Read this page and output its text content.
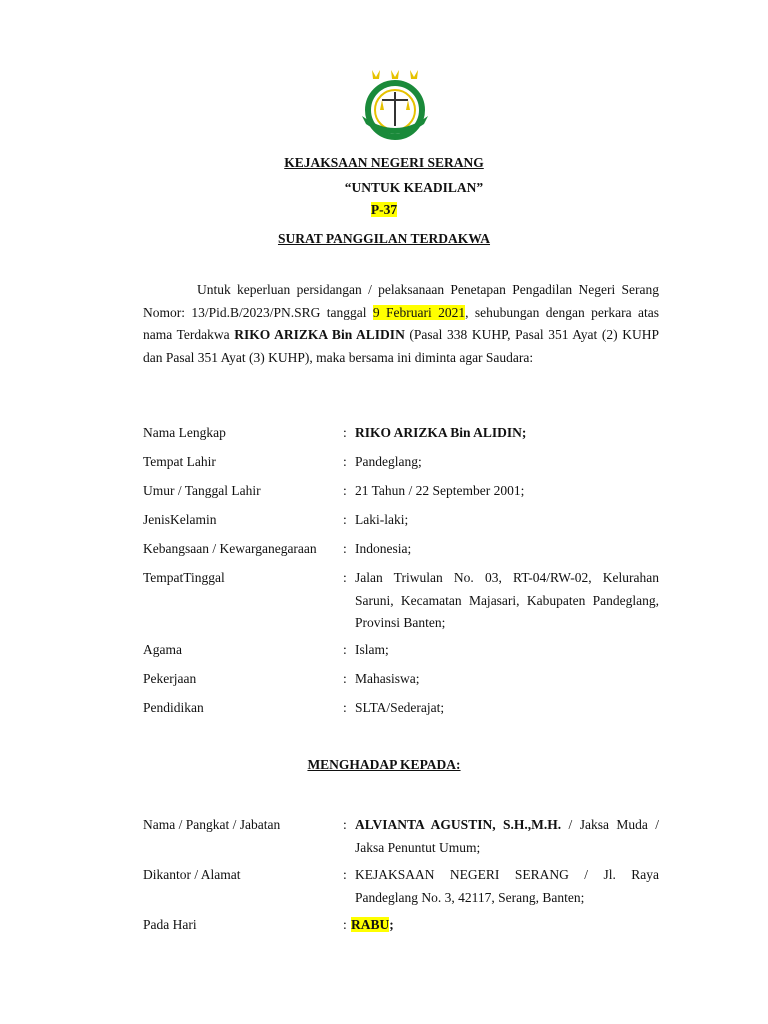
KEJAKSAAN NEGERI SERANG
“UNTUK KEADILAN”
P-37
SURAT PANGGILAN TERDAKWA
Untuk keperluan persidangan / pelaksanaan Penetapan Pengadilan Negeri Serang Nomor: 13/Pid.B/2023/PN.SRG tanggal 9 Februari 2021, sehubungan dengan perkara atas nama Terdakwa RIKO ARIZKA Bin ALIDIN (Pasal 338 KUHP, Pasal 351 Ayat (2) KUHP dan Pasal 351 Ayat (3) KUHP), maka bersama ini diminta agar Saudara:
Nama Lengkap	: RIKO ARIZKA Bin ALIDIN;
Tempat Lahir	: Pandeglang;
Umur / Tanggal Lahir	: 21 Tahun / 22 September 2001;
JenisKelamin	: Laki-laki;
Kebangsaan / Kewarganegaraan	: Indonesia;
TempatTinggal	: Jalan Triwulan No. 03, RT-04/RW-02, Kelurahan Saruni, Kecamatan Majasari, Kabupaten Pandeglang, Provinsi Banten;
Agama	: Islam;
Pekerjaan	: Mahasiswa;
Pendidikan	: SLTA/Sederajat;
MENGHADAP KEPADA:
Nama / Pangkat / Jabatan	: ALVIANTA AGUSTIN, S.H.,M.H. / Jaksa Muda / Jaksa Penuntut Umum;
Dikantor / Alamat	: KEJAKSAAN NEGERI SERANG / Jl. Raya Pandeglang No. 3, 42117, Serang, Banten;
Pada Hari	: RABU;
